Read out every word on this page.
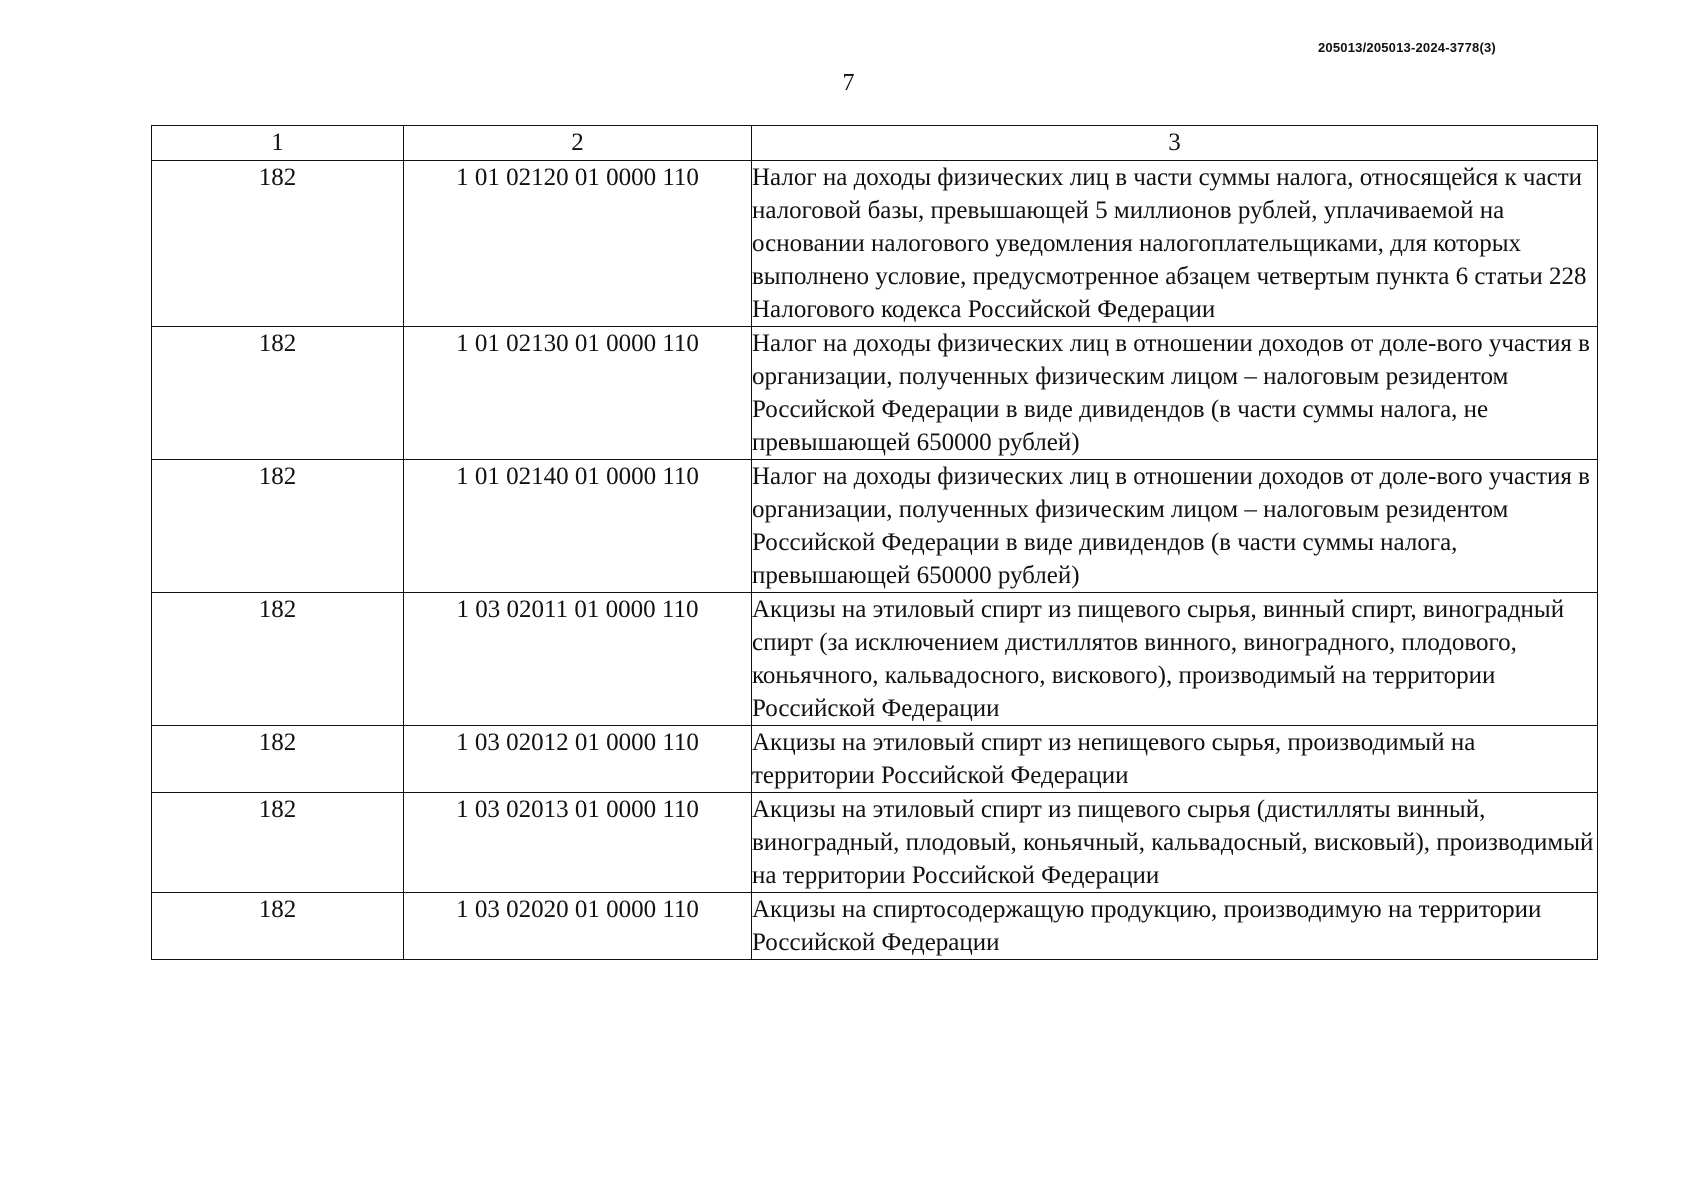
205013/205013-2024-3778(3)
7
1	2	3
182	1 01 02120 01 0000 110	Налог на доходы физических лиц в части суммы налога, относящейся к части налоговой базы, превышающей 5 миллионов рублей, уплачиваемой на основании налогового уведомления налогоплательщиками, для которых выполнено условие, предусмотренное абзацем четвертым пункта 6 статьи 228 Налогового кодекса Российской Федерации
182	1 01 02130 01 0000 110	Налог на доходы физических лиц в отношении доходов от доле-вого участия в организации, полученных физическим лицом – налоговым резидентом Российской Федерации в виде дивидендов (в части суммы налога, не превышающей 650000 рублей)
182	1 01 02140 01 0000 110	Налог на доходы физических лиц в отношении доходов от доле-вого участия в организации, полученных физическим лицом – налоговым резидентом Российской Федерации в виде дивидендов (в части суммы налога, превышающей 650000 рублей)
182	1 03 02011 01 0000 110	Акцизы на этиловый спирт из пищевого сырья, винный спирт, виноградный спирт (за исключением дистиллятов винного, виноградного, плодового, коньячного, кальвадосного, вискового), производимый на территории Российской Федерации
182	1 03 02012 01 0000 110	Акцизы на этиловый спирт из непищевого сырья, производимый на территории Российской Федерации
182	1 03 02013 01 0000 110	Акцизы на этиловый спирт из пищевого сырья (дистилляты винный, виноградный, плодовый, коньячный, кальвадосный, висковый), производимый на территории Российской Федерации
182	1 03 02020 01 0000 110	Акцизы на спиртосодержащую продукцию, производимую на территории Российской Федерации
